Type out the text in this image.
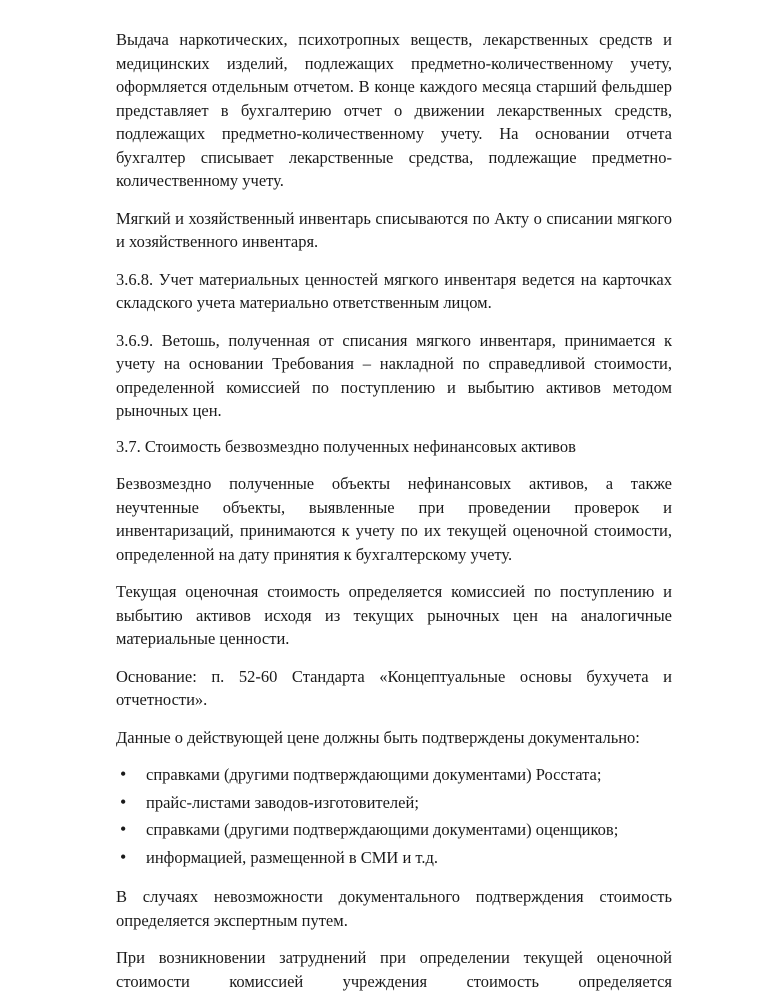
Выдача наркотических, психотропных веществ, лекарственных средств и медицинских изделий, подлежащих предметно-количественному учету, оформляется отдельным отчетом. В конце каждого месяца старший фельдшер представляет в бухгалтерию отчет о движении лекарственных средств, подлежащих предметно-количественному учету. На основании отчета бухгалтер списывает лекарственные средства, подлежащие предметно-количественному учету.

Мягкий и хозяйственный инвентарь списываются по Акту о списании мягкого и хозяйственного инвентаря.

3.6.8. Учет материальных ценностей мягкого инвентаря ведется на карточках складского учета материально ответственным лицом.

3.6.9. Ветошь, полученная от списания мягкого инвентаря, принимается к учету на основании Требования – накладной по справедливой стоимости, определенной комиссией по поступлению и выбытию активов методом рыночных цен.

3.7. Стоимость безвозмездно полученных нефинансовых активов

Безвозмездно полученные объекты нефинансовых активов, а также неучтенные объекты, выявленные при проведении проверок и инвентаризаций, принимаются к учету по их текущей оценочной стоимости, определенной на дату принятия к бухгалтерскому учету.

Текущая оценочная стоимость определяется комиссией по поступлению и выбытию активов исходя из текущих рыночных цен на аналогичные материальные ценности.

Основание: п. 52-60 Стандарта «Концептуальные основы бухучета и отчетности».

Данные о действующей цене должны быть подтверждены документально:

• справками (другими подтверждающими документами) Росстата;
• прайс-листами заводов-изготовителей;
• справками (другими подтверждающими документами) оценщиков;
• информацией, размещенной в СМИ и т.д.

В случаях невозможности документального подтверждения стоимость определяется экспертным путем.

При возникновении затруднений при определении текущей оценочной стоимости комиссией учреждения стоимость определяется
